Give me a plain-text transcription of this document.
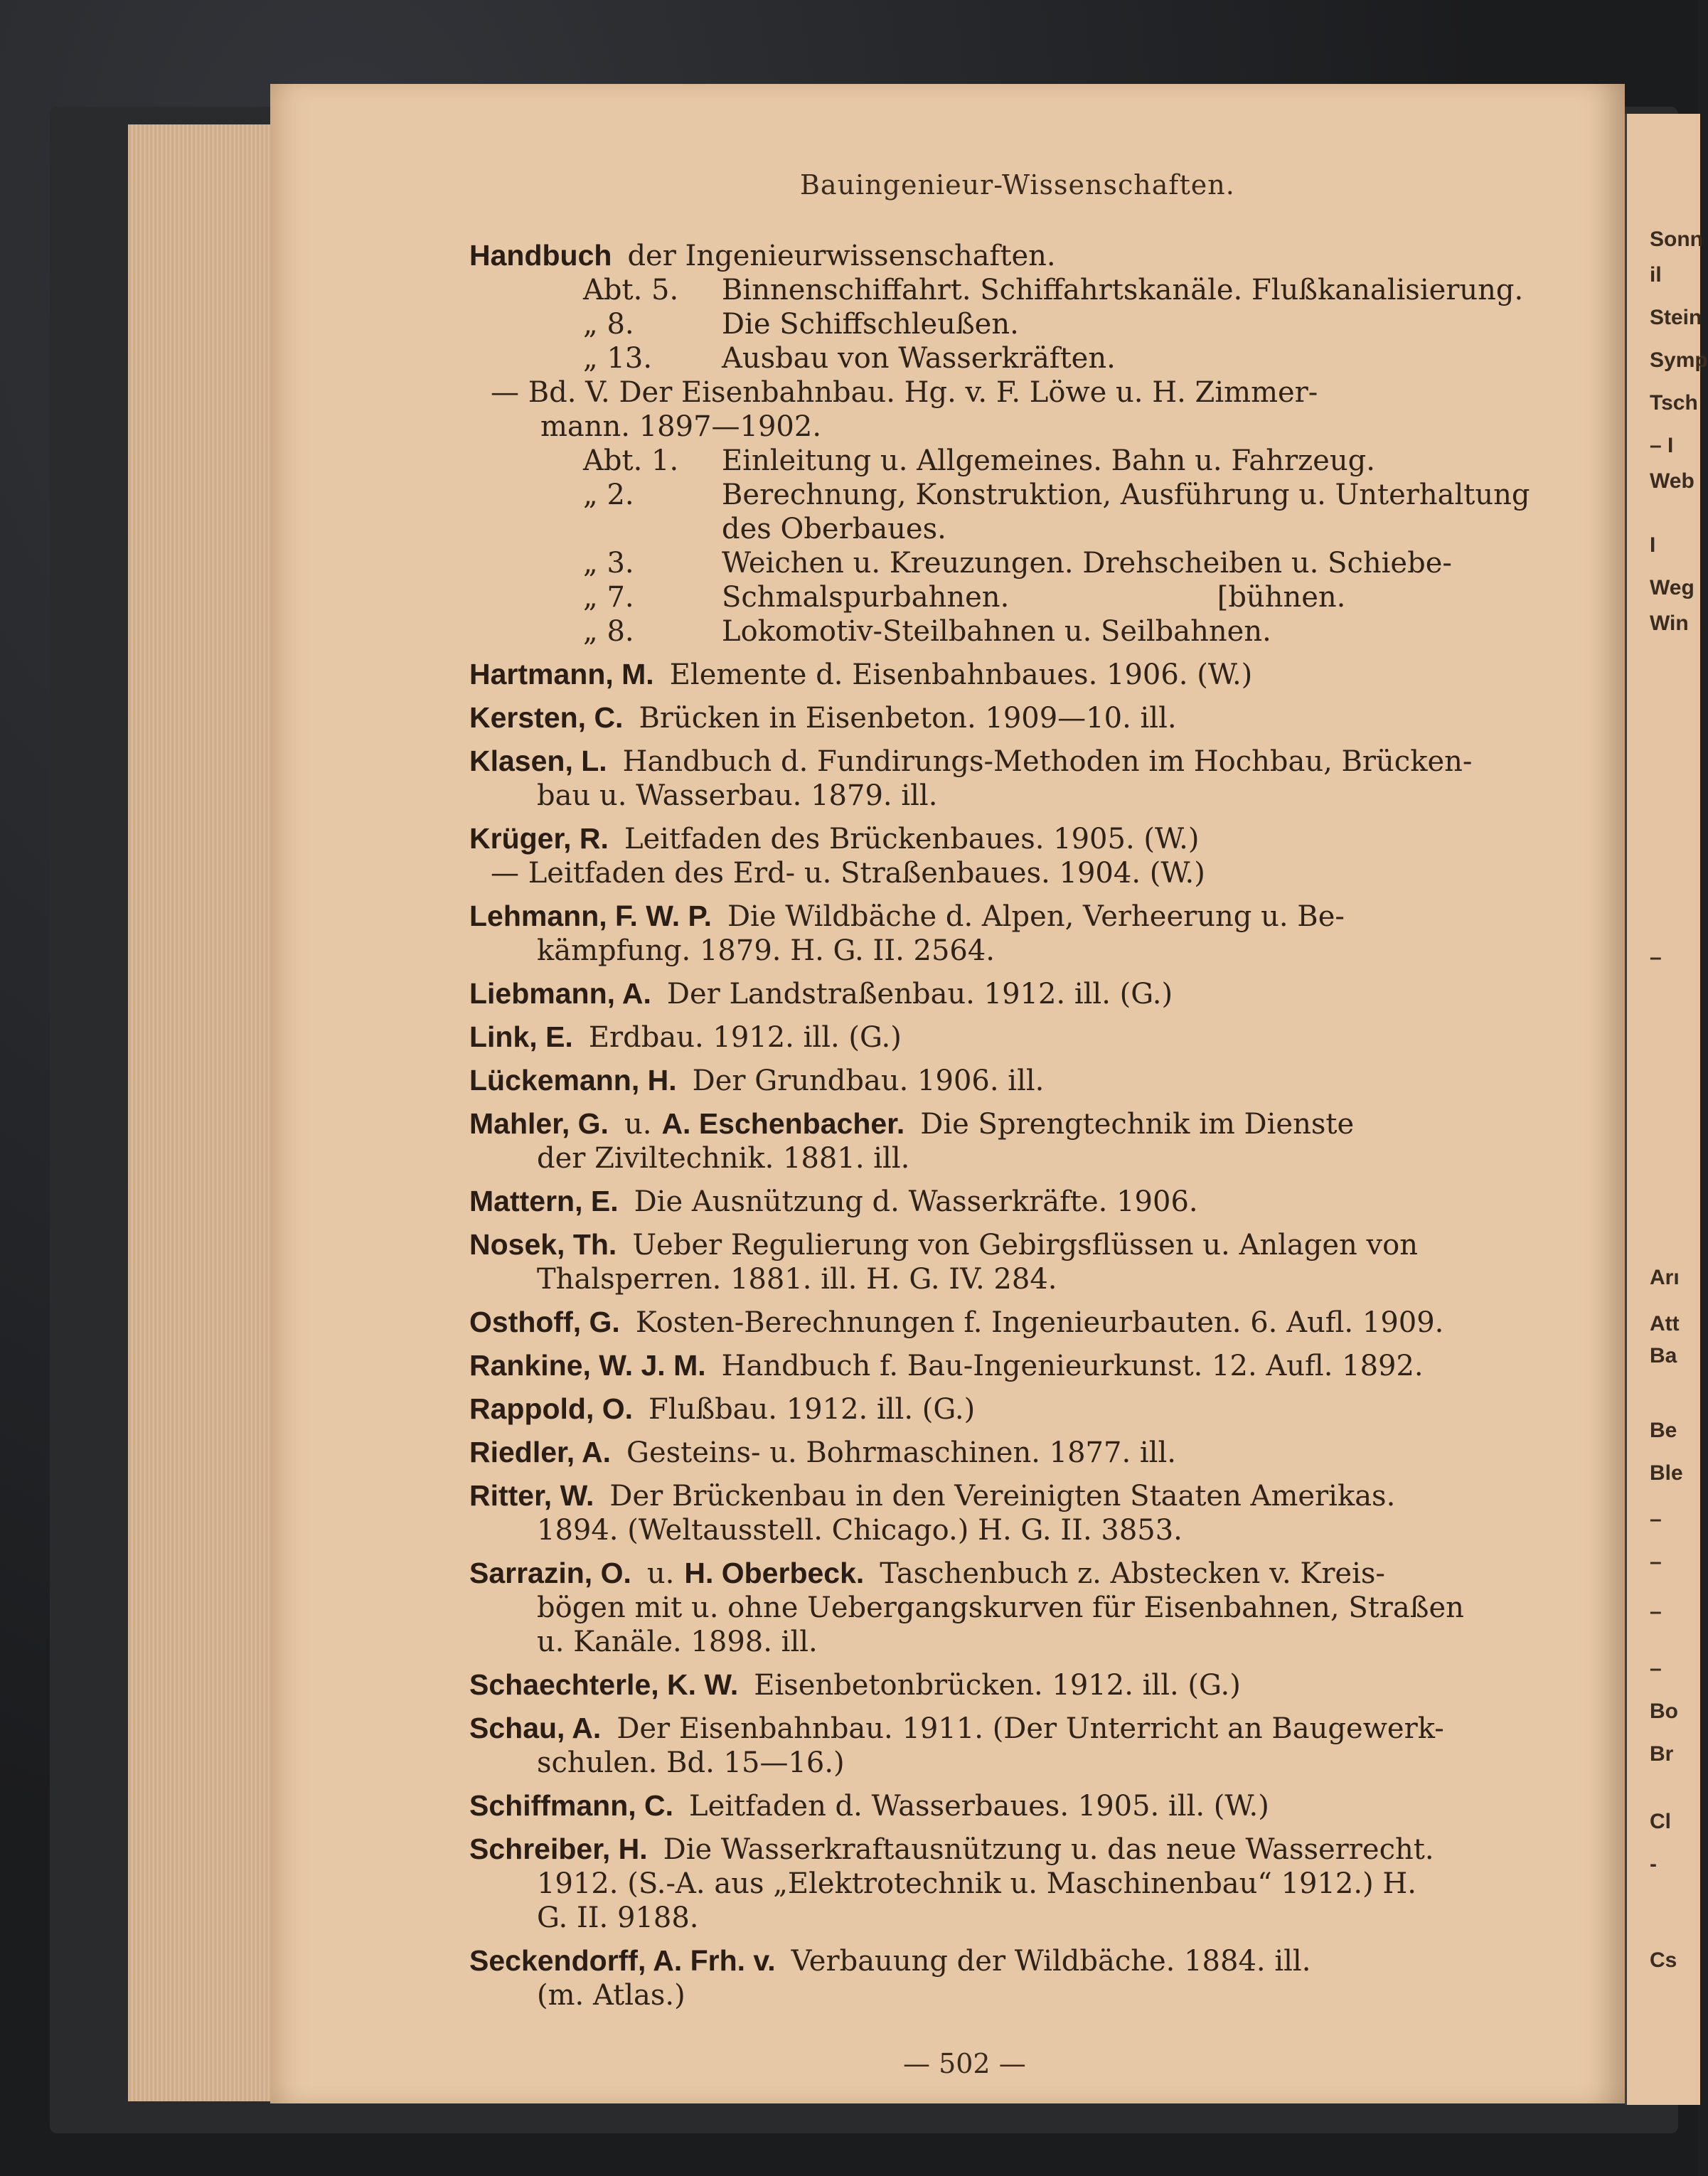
Sonn
il
Stein
Symp
Tsch
– I
Web
I
Weg
Win
–
Arı
Att
Ba
Be
Ble
–
–
–
–
Bo
Br
Cl
-
Cs
Bauingenieur-Wissenschaften.
Handbuch der Ingenieurwissenschaften.
Abt. 5.	Binnenschiffahrt. Schiffahrtskanäle. Flußkanalisierung.
„ 8.	Die Schiffschleußen.
„ 13.	Ausbau von Wasserkräften.
— Bd. V. Der Eisenbahnbau. Hg. v. F. Löwe u. H. Zimmer-
mann. 1897—1902.
Abt. 1.	Einleitung u. Allgemeines. Bahn u. Fahrzeug.
„ 2.	Berechnung, Konstruktion, Ausführung u. Unterhaltung
des Oberbaues.
„ 3.	Weichen u. Kreuzungen. Drehscheiben u. Schiebe-
„ 7.	Schmalspurbahnen.                       [bühnen.
„ 8.	Lokomotiv-Steilbahnen u. Seilbahnen.
Hartmann, M. Elemente d. Eisenbahnbaues. 1906. (W.)
Kersten, C. Brücken in Eisenbeton. 1909—10. ill.
Klasen, L. Handbuch d. Fundirungs-Methoden im Hochbau, Brücken-
bau u. Wasserbau. 1879. ill.
Krüger, R. Leitfaden des Brückenbaues. 1905. (W.)
— Leitfaden des Erd- u. Straßenbaues. 1904. (W.)
Lehmann, F. W. P. Die Wildbäche d. Alpen, Verheerung u. Be-
kämpfung. 1879. H. G. II. 2564.
Liebmann, A. Der Landstraßenbau. 1912. ill. (G.)
Link, E. Erdbau. 1912. ill. (G.)
Lückemann, H. Der Grundbau. 1906. ill.
Mahler, G. u. A. Eschenbacher. Die Sprengtechnik im Dienste
der Ziviltechnik. 1881. ill.
Mattern, E. Die Ausnützung d. Wasserkräfte. 1906.
Nosek, Th. Ueber Regulierung von Gebirgsflüssen u. Anlagen von
Thalsperren. 1881. ill. H. G. IV. 284.
Osthoff, G. Kosten-Berechnungen f. Ingenieurbauten. 6. Aufl. 1909.
Rankine, W. J. M. Handbuch f. Bau-Ingenieurkunst. 12. Aufl. 1892.
Rappold, O. Flußbau. 1912. ill. (G.)
Riedler, A. Gesteins- u. Bohrmaschinen. 1877. ill.
Ritter, W. Der Brückenbau in den Vereinigten Staaten Amerikas.
1894. (Weltausstell. Chicago.) H. G. II. 3853.
Sarrazin, O. u. H. Oberbeck. Taschenbuch z. Abstecken v. Kreis-
bögen mit u. ohne Uebergangskurven für Eisenbahnen, Straßen
u. Kanäle. 1898. ill.
Schaechterle, K. W. Eisenbetonbrücken. 1912. ill. (G.)
Schau, A. Der Eisenbahnbau. 1911. (Der Unterricht an Baugewerk-
schulen. Bd. 15—16.)
Schiffmann, C. Leitfaden d. Wasserbaues. 1905. ill. (W.)
Schreiber, H. Die Wasserkraftausnützung u. das neue Wasserrecht.
1912. (S.-A. aus „Elektrotechnik u. Maschinenbau“ 1912.) H.
G. II. 9188.
Seckendorff, A. Frh. v. Verbauung der Wildbäche. 1884. ill.
(m. Atlas.)
— 502 —
